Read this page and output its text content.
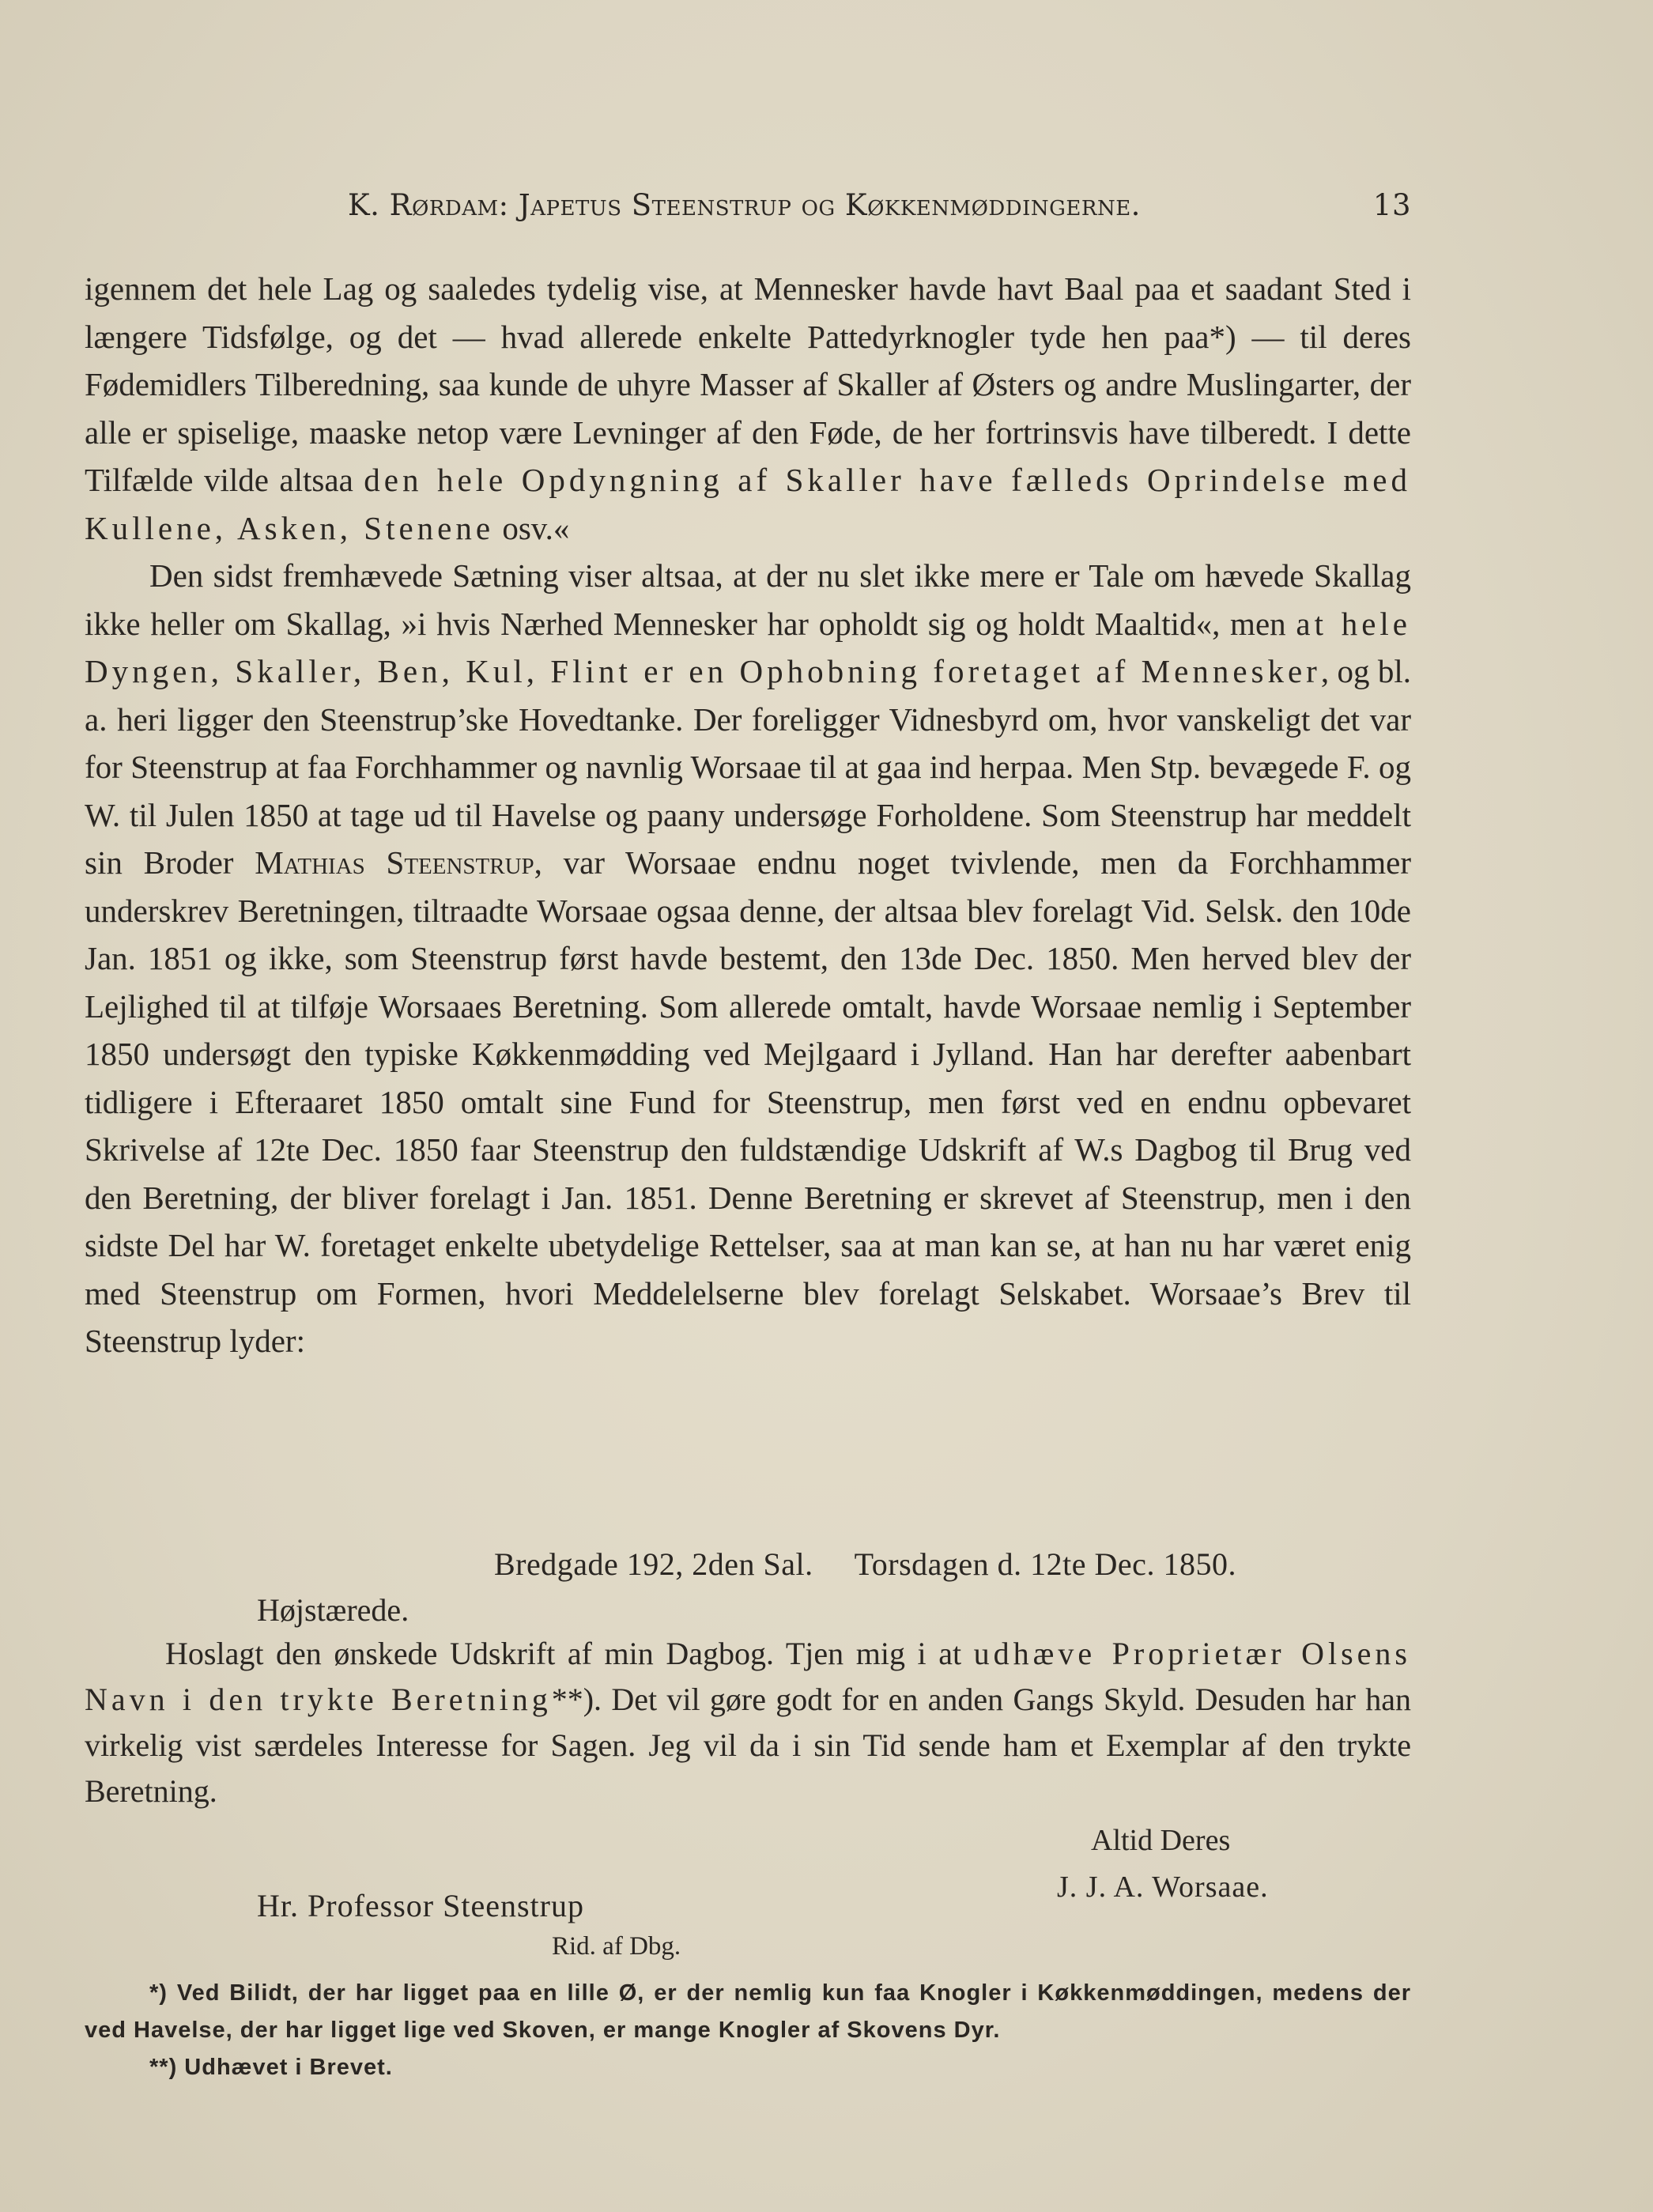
K. Rørdam: Japetus Steenstrup og Køkkenmøddingerne.	13

igennem det hele Lag og saaledes tydelig vise, at Mennesker havde havt Baal paa et saadant Sted i længere Tidsfølge, og det — hvad allerede enkelte Pattedyrknogler tyde hen paa*) — til deres Fødemidlers Tilberedning, saa kunde de uhyre Masser af Skaller af Østers og andre Muslingarter, der alle er spiselige, maaske netop være Levninger af den Føde, de her fortrinsvis have tilberedt. I dette Tilfælde vilde altsaa den hele Opdyngning af Skaller have fælleds Oprindelse med Kullene, Asken, Stenene osv.«

Den sidst fremhævede Sætning viser altsaa, at der nu slet ikke mere er Tale om hævede Skallag ikke heller om Skallag, »i hvis Nærhed Mennesker har opholdt sig og holdt Maaltid«, men at hele Dyngen, Skaller, Ben, Kul, Flint er en Ophobning foretaget af Mennesker, og bl. a. heri ligger den Steenstrup’ske Hovedtanke. Der foreligger Vidnesbyrd om, hvor vanskeligt det var for Steenstrup at faa Forchhammer og navnlig Worsaae til at gaa ind herpaa. Men Stp. bevægede F. og W. til Julen 1850 at tage ud til Havelse og paany undersøge Forholdene. Som Steenstrup har meddelt sin Broder Mathias Steenstrup, var Worsaae endnu noget tvivlende, men da Forchhammer underskrev Beretningen, tiltraadte Worsaae ogsaa denne, der altsaa blev forelagt Vid. Selsk. den 10de Jan. 1851 og ikke, som Steenstrup først havde bestemt, den 13de Dec. 1850. Men herved blev der Lejlighed til at tilføje Worsaaes Beretning. Som allerede omtalt, havde Worsaae nemlig i September 1850 undersøgt den typiske Køkkenmødding ved Mejlgaard i Jylland. Han har derefter aabenbart tidligere i Efteraaret 1850 omtalt sine Fund for Steenstrup, men først ved en endnu opbevaret Skrivelse af 12te Dec. 1850 faar Steenstrup den fuldstændige Udskrift af W.s Dagbog til Brug ved den Beretning, der bliver forelagt i Jan. 1851. Denne Beretning er skrevet af Steenstrup, men i den sidste Del har W. foretaget enkelte ubetydelige Rettelser, saa at man kan se, at han nu har været enig med Steenstrup om Formen, hvori Meddelelserne blev forelagt Selskabet. Worsaae’s Brev til Steenstrup lyder:

Bredgade 192, 2den Sal. Torsdagen d. 12te Dec. 1850.
Højstærede.

Hoslagt den ønskede Udskrift af min Dagbog. Tjen mig i at udhæve Proprietær Olsens Navn i den trykte Beretning**). Det vil gøre godt for en anden Gangs Skyld. Desuden har han virkelig vist særdeles Interesse for Sagen. Jeg vil da i sin Tid sende ham et Exemplar af den trykte Beretning.

Altid Deres
J. J. A. Worsaae.
Hr. Professor Steenstrup
Rid. af Dbg.

*) Ved Bilidt, der har ligget paa en lille Ø, er der nemlig kun faa Knogler i Køkkenmøddingen, medens der ved Havelse, der har ligget lige ved Skoven, er mange Knogler af Skovens Dyr.

**) Udhævet i Brevet.
